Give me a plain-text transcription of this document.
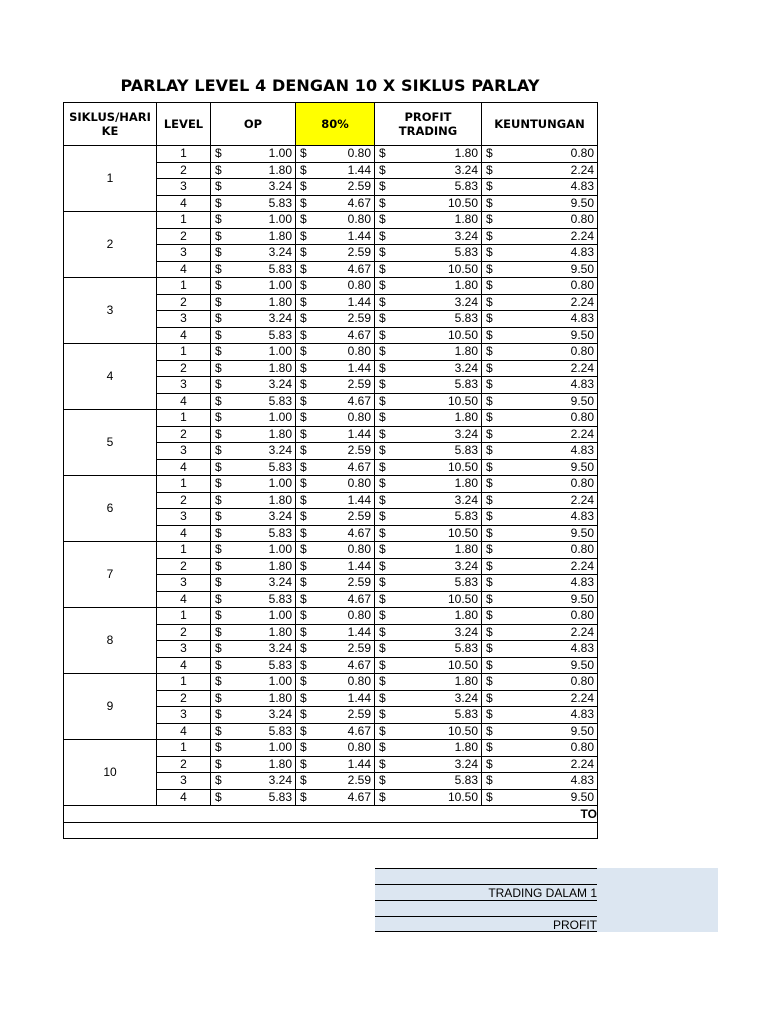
PARLAY LEVEL 4 DENGAN 10 X SIKLUS PARLAY
SIKLUS/HARI KE	LEVEL	OP	80%	PROFIT TRADING	KEUNTUNGAN
1	1	$ 1.00	$ 0.80	$ 1.80	$ 0.80

	2	$ 1.80	$ 1.44	$ 3.24	$ 2.24

	3	$ 3.24	$ 2.59	$ 5.83	$ 4.83

	4	$ 5.83	$ 4.67	$ 10.50	$ 9.50

2	1	$ 1.00	$ 0.80	$ 1.80	$ 0.80

	2	$ 1.80	$ 1.44	$ 3.24	$ 2.24

	3	$ 3.24	$ 2.59	$ 5.83	$ 4.83

	4	$ 5.83	$ 4.67	$ 10.50	$ 9.50

3	1	$ 1.00	$ 0.80	$ 1.80	$ 0.80

	2	$ 1.80	$ 1.44	$ 3.24	$ 2.24

	3	$ 3.24	$ 2.59	$ 5.83	$ 4.83

	4	$ 5.83	$ 4.67	$ 10.50	$ 9.50

4	1	$ 1.00	$ 0.80	$ 1.80	$ 0.80

	2	$ 1.80	$ 1.44	$ 3.24	$ 2.24

	3	$ 3.24	$ 2.59	$ 5.83	$ 4.83

	4	$ 5.83	$ 4.67	$ 10.50	$ 9.50

5	1	$ 1.00	$ 0.80	$ 1.80	$ 0.80

	2	$ 1.80	$ 1.44	$ 3.24	$ 2.24

	3	$ 3.24	$ 2.59	$ 5.83	$ 4.83

	4	$ 5.83	$ 4.67	$ 10.50	$ 9.50

6	1	$ 1.00	$ 0.80	$ 1.80	$ 0.80

	2	$ 1.80	$ 1.44	$ 3.24	$ 2.24

	3	$ 3.24	$ 2.59	$ 5.83	$ 4.83

	4	$ 5.83	$ 4.67	$ 10.50	$ 9.50

7	1	$ 1.00	$ 0.80	$ 1.80	$ 0.80

	2	$ 1.80	$ 1.44	$ 3.24	$ 2.24

	3	$ 3.24	$ 2.59	$ 5.83	$ 4.83

	4	$ 5.83	$ 4.67	$ 10.50	$ 9.50

8	1	$ 1.00	$ 0.80	$ 1.80	$ 0.80

	2	$ 1.80	$ 1.44	$ 3.24	$ 2.24

	3	$ 3.24	$ 2.59	$ 5.83	$ 4.83

	4	$ 5.83	$ 4.67	$ 10.50	$ 9.50

9	1	$ 1.00	$ 0.80	$ 1.80	$ 0.80

	2	$ 1.80	$ 1.44	$ 3.24	$ 2.24

	3	$ 3.24	$ 2.59	$ 5.83	$ 4.83

	4	$ 5.83	$ 4.67	$ 10.50	$ 9.50

10	1	$ 1.00	$ 0.80	$ 1.80	$ 0.80

	2	$ 1.80	$ 1.44	$ 3.24	$ 2.24

	3	$ 3.24	$ 2.59	$ 5.83	$ 4.83

	4	$ 5.83	$ 4.67	$ 10.50	$ 9.50

TO					

TRADING DALAM 1
PROFIT
